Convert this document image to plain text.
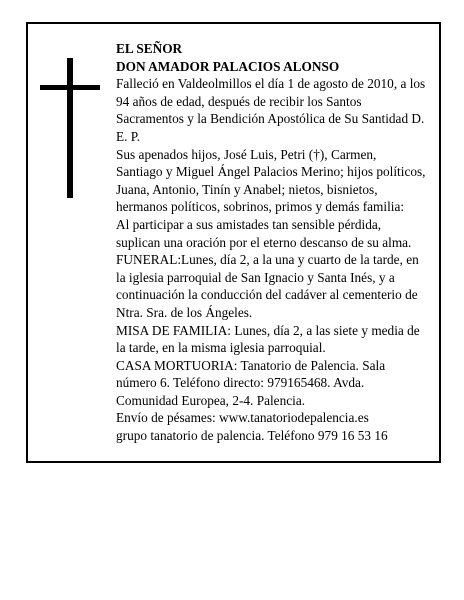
EL SEÑOR

DON AMADOR PALACIOS ALONSO

Falleció en Valdeolmillos el día 1 de agosto de 2010, a los 94 años de edad, después de recibir los Santos Sacramentos y la Bendición Apostólica de Su Santidad D. E. P.

Sus apenados hijos, José Luis, Petri (†), Carmen, Santiago y Miguel Ángel Palacios Merino; hijos políticos, Juana, Antonio, Tinín y Anabel; nietos, bisnietos, hermanos políticos, sobrinos, primos y demás familia:

Al participar a sus amistades tan sensible pérdida, suplican una oración por el eterno descanso de su alma.

FUNERAL:Lunes, día 2, a la una y cuarto de la tarde, en la iglesia parroquial de San Ignacio y Santa Inés, y a continuación la conducción del cadáver al cementerio de Ntra. Sra. de los Ángeles.

MISA DE FAMILIA: Lunes, día 2, a las siete y media de la tarde, en la misma iglesia parroquial.

CASA MORTUORIA: Tanatorio de Palencia. Sala número 6. Teléfono directo: 979165468. Avda. Comunidad Europea, 2-4. Palencia.

Envío de pésames: www.tanatoriodepalencia.es

grupo tanatorio de palencia. Teléfono 979 16 53 16
